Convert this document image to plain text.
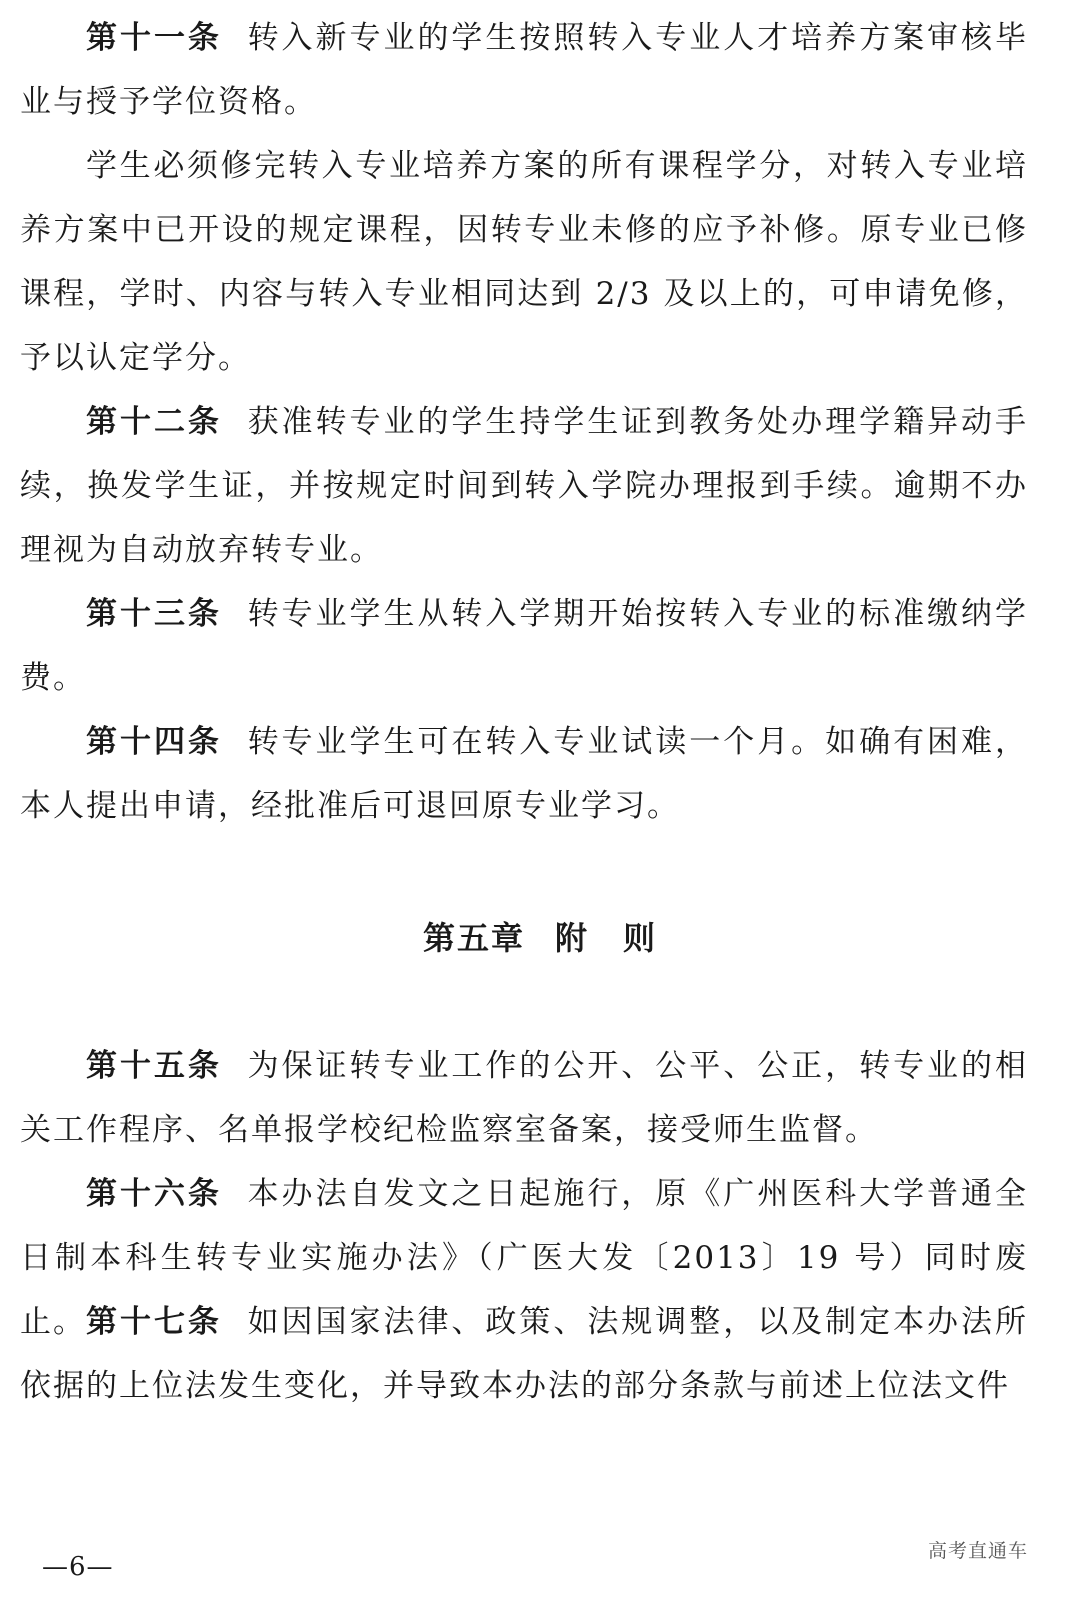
第十一条 转入新专业的学生按照转入专业人才培养方案审核毕业与授予学位资格。

学生必须修完转入专业培养方案的所有课程学分，对转入专业培养方案中已开设的规定课程，因转专业未修的应予补修。原专业已修课程，学时、内容与转入专业相同达到 2/3 及以上的，可申请免修，予以认定学分。

第十二条 获准转专业的学生持学生证到教务处办理学籍异动手续，换发学生证，并按规定时间到转入学院办理报到手续。逾期不办理视为自动放弃转专业。

第十三条 转专业学生从转入学期开始按转入专业的标准缴纳学费。

第十四条 转专业学生可在转入专业试读一个月。如确有困难，本人提出申请，经批准后可退回原专业学习。

第五章 附　则

第十五条 为保证转专业工作的公开、公平、公正，转专业的相关工作程序、名单报学校纪检监察室备案，接受师生监督。

第十六条 本办法自发文之日起施行，原《广州医科大学普通全日制本科生转专业实施办法》（广医大发〔2013〕19 号）同时废止。 第十七条 如因国家法律、政策、法规调整，以及制定本办法所依据的上位法发生变化，并导致本办法的部分条款与前述上位法文件

—6—
高考直通车
